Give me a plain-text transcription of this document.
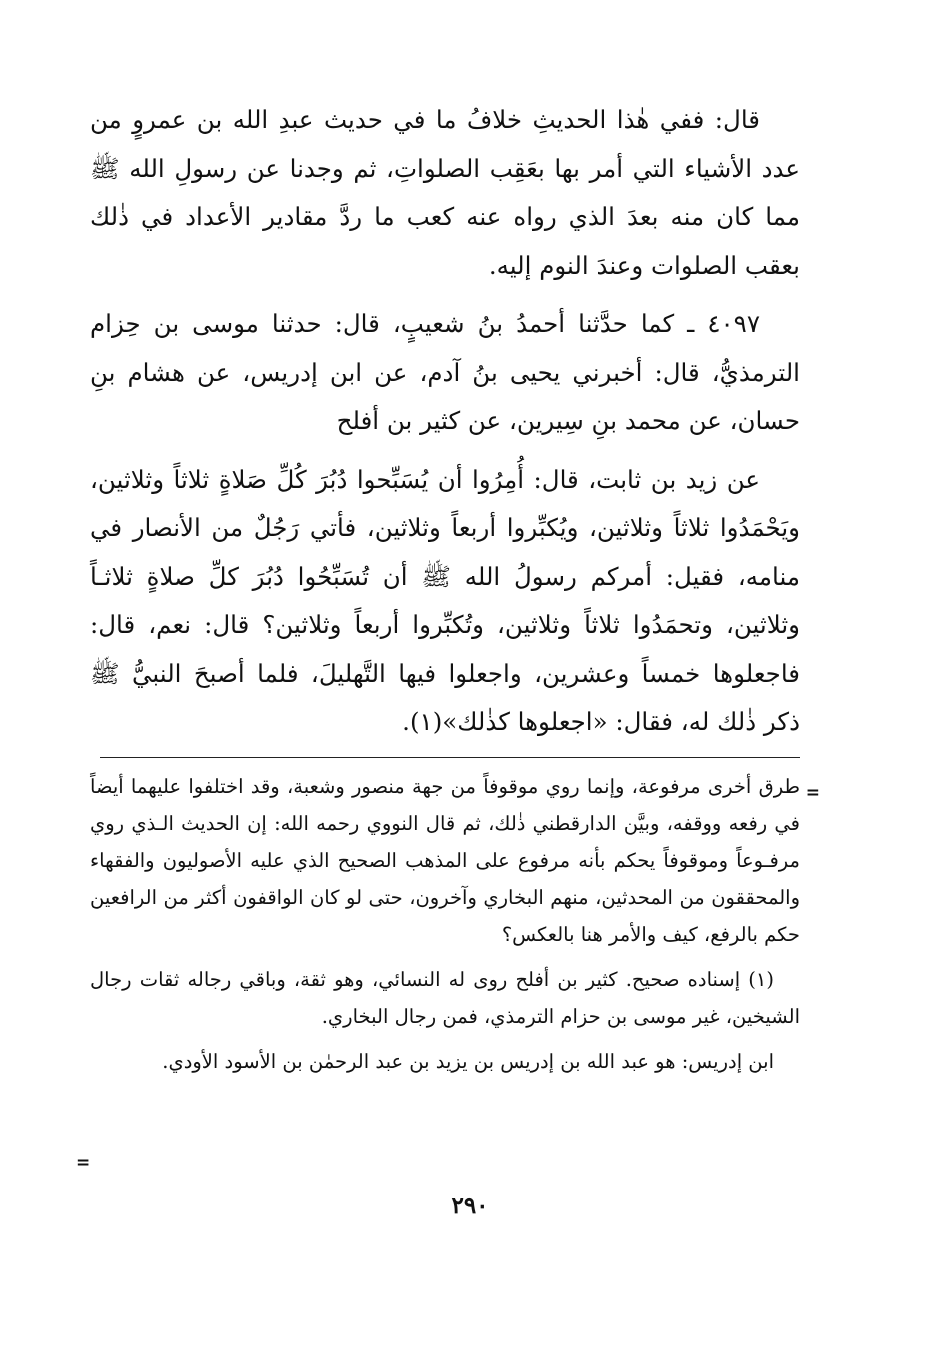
قال: ففي هٰذا الحديثِ خلافُ ما في حديث عبدِ الله بن عمروٍ من عدد الأشياء التي أمر بها بعَقِب الصلواتِ، ثم وجدنا عن رسولِ الله ﷺ مما كان منه بعدَ الذي رواه عنه كعب ما ردَّ مقادير الأعداد في ذٰلك بعقب الصلوات وعندَ النوم إليه.

٤٠٩٧ ـ كما حدَّثنا أحمدُ بنُ شعيبٍ، قال: حدثنا موسى بن حِزام الترمذيُّ، قال: أخبرني يحيى بنُ آدم، عن ابن إدريس، عن هشام بنِ حسان، عن محمد بنِ سِيرين، عن كثير بن أفلح

عن زيد بن ثابت، قال: أُمِرُوا أن يُسَبِّحوا دُبُرَ كُلِّ صَلاةٍ ثلاثاً وثلاثين، ويَحْمَدُوا ثلاثاً وثلاثين، ويُكبِّروا أربعاً وثلاثين، فأتي رَجُلٌ من الأنصار في منامه، فقيل: أمركم رسولُ الله ﷺ أن تُسَبِّحُوا دُبُرَ كلِّ صلاةٍ ثلاثـاً وثلاثين، وتحمَدُوا ثلاثاً وثلاثين، وتُكبِّروا أربعاً وثلاثين؟ قال: نعم، قال: فاجعلوها خمساً وعشرين، واجعلوا فيها التَّهليلَ، فلما أصبحَ النبيُّ ﷺ ذكر ذٰلك له، فقال: «اجعلوها كذٰلك»(١).

طرق أخرى مرفوعة، وإنما روي موقوفاً من جهة منصور وشعبة، وقد اختلفوا عليهما أيضاً في رفعه ووقفه، وبيَّن الدارقطني ذٰلك، ثم قال النووي رحمه الله: إن الحديث الـذي روي مرفـوعاً وموقوفاً يحكم بأنه مرفوع على المذهب الصحيح الذي عليه الأصوليون والفقهاء والمحققون من المحدثين، منهم البخاري وآخرون، حتى لو كان الواقفون أكثر من الرافعين حكم بالرفع، كيف والأمر هنا بالعكس؟

(١) إسناده صحيح. كثير بن أفلح روى له النسائي، وهو ثقة، وباقي رجاله ثقات رجال الشيخين، غير موسى بن حزام الترمذي، فمن رجال البخاري.

ابن إدريس: هو عبد الله بن إدريس بن يزيد بن عبد الرحمٰن بن الأسود الأودي.

=
=
٢٩٠
